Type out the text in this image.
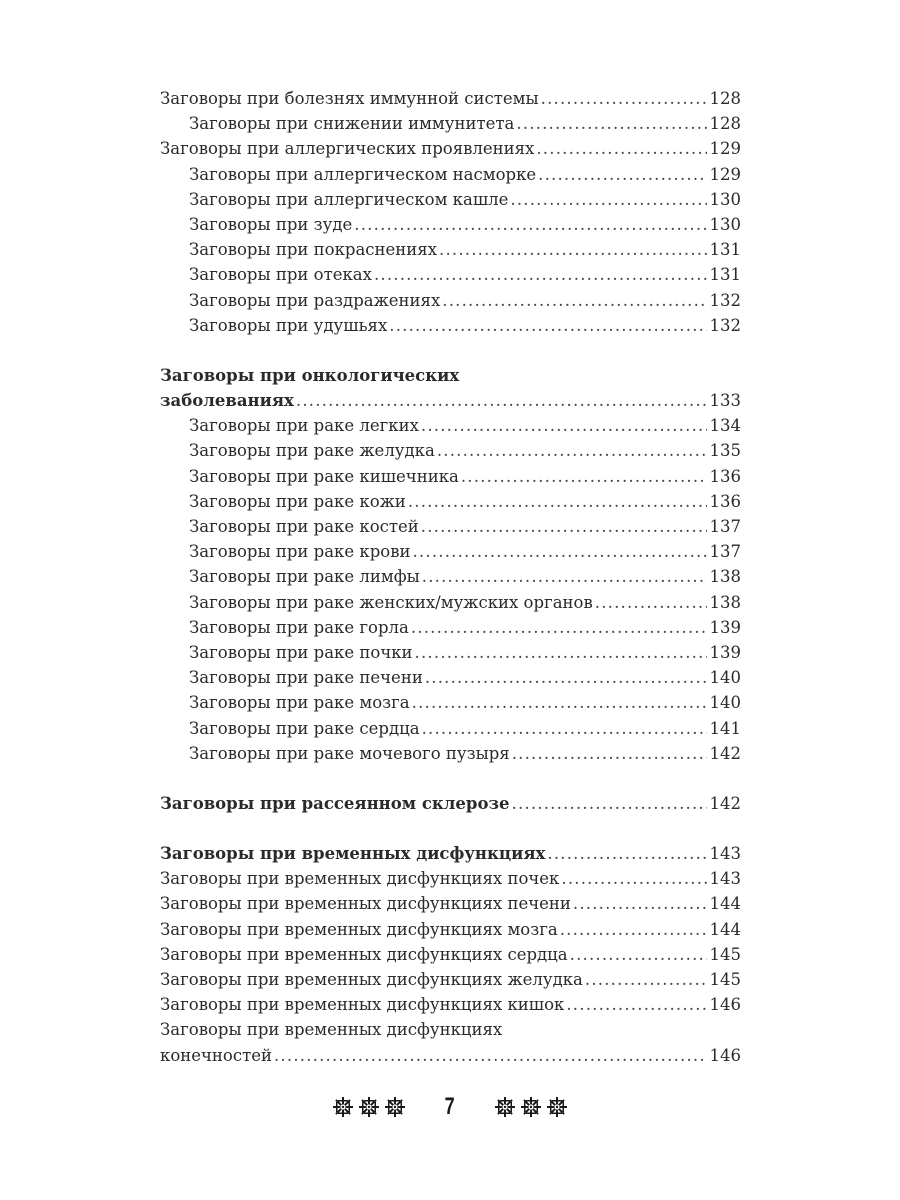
Заговоры при болезнях иммунной системы .....	128
Заговоры при снижении иммунитета .....	128
Заговоры при аллергических проявлениях .....	129
Заговоры при аллергическом насморке .....	129
Заговоры при аллергическом кашле .....	130
Заговоры при зуде .....	130
Заговоры при покраснениях .....	131
Заговоры при отеках .....	131
Заговоры при раздражениях .....	132
Заговоры при удушьях .....	132
Заговоры при онкологических
заболеваниях .....	133
Заговоры при раке легких .....	134
Заговоры при раке желудка .....	135
Заговоры при раке кишечника .....	136
Заговоры при раке кожи .....	136
Заговоры при раке костей .....	137
Заговоры при раке крови .....	137
Заговоры при раке лимфы .....	138
Заговоры при раке женских/мужских органов .....	138
Заговоры при раке горла .....	139
Заговоры при раке почки .....	139
Заговоры при раке печени .....	140
Заговоры при раке мозга .....	140
Заговоры при раке сердца .....	141
Заговоры при раке мочевого пузыря .....	142
Заговоры при рассеянном склерозе .....	142
Заговоры при временных дисфункциях .....	143
Заговоры при временных дисфункциях почек .....	143
Заговоры при временных дисфункциях печени .....	144
Заговоры при временных дисфункциях мозга .....	144
Заговоры при временных дисфункциях сердца .....	145
Заговоры при временных дисфункциях желудка .....	145
Заговоры при временных дисфункциях кишок .....	146
Заговоры при временных дисфункциях
конечностей .....	146
7
